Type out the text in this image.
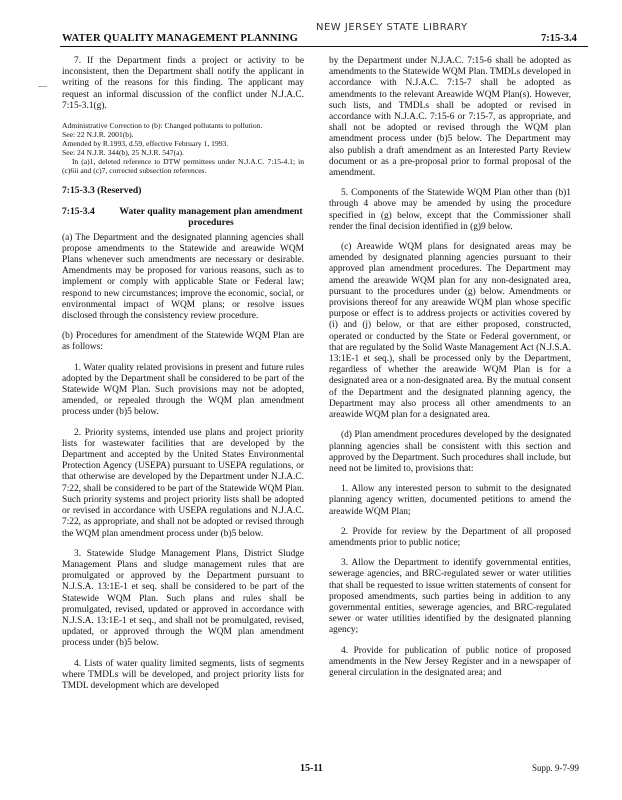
WATER QUALITY MANAGEMENT PLANNING
NEW JERSEY STATE LIBRARY
7:15-3.4
—

7. If the Department finds a project or activity to be inconsistent, then the Department shall notify the applicant in writing of the reasons for this finding. The applicant may request an informal discussion of the conflict under N.J.A.C. 7:15-3.1(g).

Administrative Correction to (b): Changed pollutants to pollution.
See: 22 N.J.R. 2001(b).
Amended by R.1993, d.59, effective February 1, 1993.
See: 24 N.J.R. 344(b), 25 N.J.R. 547(a).
In (a)1, deleted reference to DTW permittees under N.J.A.C. 7:15-4.1; in (c)6ii and (c)7, corrected subsection references.
7:15-3.3 (Reserved)
7:15-3.4	Water quality management plan amendment procedures

(a) The Department and the designated planning agencies shall propose amendments to the Statewide and areawide WQM Plans whenever such amendments are necessary or desirable. Amendments may be proposed for various reasons, such as to implement or comply with applicable State or Federal law; respond to new circumstances; improve the economic, social, or environmental impact of WQM plans; or resolve issues disclosed through the consistency review procedure.

(b) Procedures for amendment of the Statewide WQM Plan are as follows:

1. Water quality related provisions in present and future rules adopted by the Department shall be considered to be part of the Statewide WQM Plan. Such provisions may not be adopted, amended, or repealed through the WQM plan amendment process under (b)5 below.

2. Priority systems, intended use plans and project priority lists for wastewater facilities that are developed by the Department and accepted by the United States Environmental Protection Agency (USEPA) pursuant to USEPA regulations, or that otherwise are developed by the Department under N.J.A.C. 7:22, shall be considered to be part of the Statewide WQM Plan. Such priority systems and project priority lists shall be adopted or revised in accordance with USEPA regulations and N.J.A.C. 7:22, as appropriate, and shall not be adopted or revised through the WQM plan amendment process under (b)5 below.

3. Statewide Sludge Management Plans, District Sludge Management Plans and sludge management rules that are promulgated or approved by the Department pursuant to N.J.S.A. 13:1E-1 et seq. shall be considered to be part of the Statewide WQM Plan. Such plans and rules shall be promulgated, revised, updated or approved in accordance with N.J.S.A. 13:1E-1 et seq., and shall not be promulgated, revised, updated, or approved through the WQM plan amendment process under (b)5 below.

4. Lists of water quality limited segments, lists of segments where TMDLs will be developed, and project priority lists for TMDL development which are developed

by the Department under N.J.A.C. 7:15-6 shall be adopted as amendments to the Statewide WQM Plan. TMDLs developed in accordance with N.J.A.C. 7:15-7 shall be adopted as amendments to the relevant Areawide WQM Plan(s). However, such lists, and TMDLs shall be adopted or revised in accordance with N.J.A.C. 7:15-6 or 7:15-7, as appropriate, and shall not be adopted or revised through the WQM plan amendment process under (b)5 below. The Department may also publish a draft amendment as an Interested Party Review document or as a pre-proposal prior to formal proposal of the amendment.

5. Components of the Statewide WQM Plan other than (b)1 through 4 above may be amended by using the procedure specified in (g) below, except that the Commissioner shall render the final decision identified in (g)9 below.

(c) Areawide WQM plans for designated areas may be amended by designated planning agencies pursuant to their approved plan amendment procedures. The Department may amend the areawide WQM plan for any non-designated area, pursuant to the procedures under (g) below. Amendments or provisions thereof for any areawide WQM plan whose specific purpose or effect is to address projects or activities covered by (i) and (j) below, or that are either proposed, constructed, operated or conducted by the State or Federal government, or that are regulated by the Solid Waste Management Act (N.J.S.A. 13:1E-1 et seq.), shall be processed only by the Department, regardless of whether the areawide WQM Plan is for a designated area or a non-designated area. By the mutual consent of the Department and the designated planning agency, the Department may also process all other amendments to an areawide WQM plan for a designated area.

(d) Plan amendment procedures developed by the designated planning agencies shall be consistent with this section and approved by the Department. Such procedures shall include, but need not be limited to, provisions that:

1. Allow any interested person to submit to the designated planning agency written, documented petitions to amend the areawide WQM Plan;

2. Provide for review by the Department of all proposed amendments prior to public notice;

3. Allow the Department to identify governmental entities, sewerage agencies, and BRC-regulated sewer or water utilities that shall be requested to issue written statements of consent for proposed amendments, such parties being in addition to any governmental entities, sewerage agencies, and BRC-regulated sewer or water utilities identified by the designated planning agency;

4. Provide for publication of public notice of proposed amendments in the New Jersey Register and in a newspaper of general circulation in the designated area; and

15-11	Supp. 9-7-99
